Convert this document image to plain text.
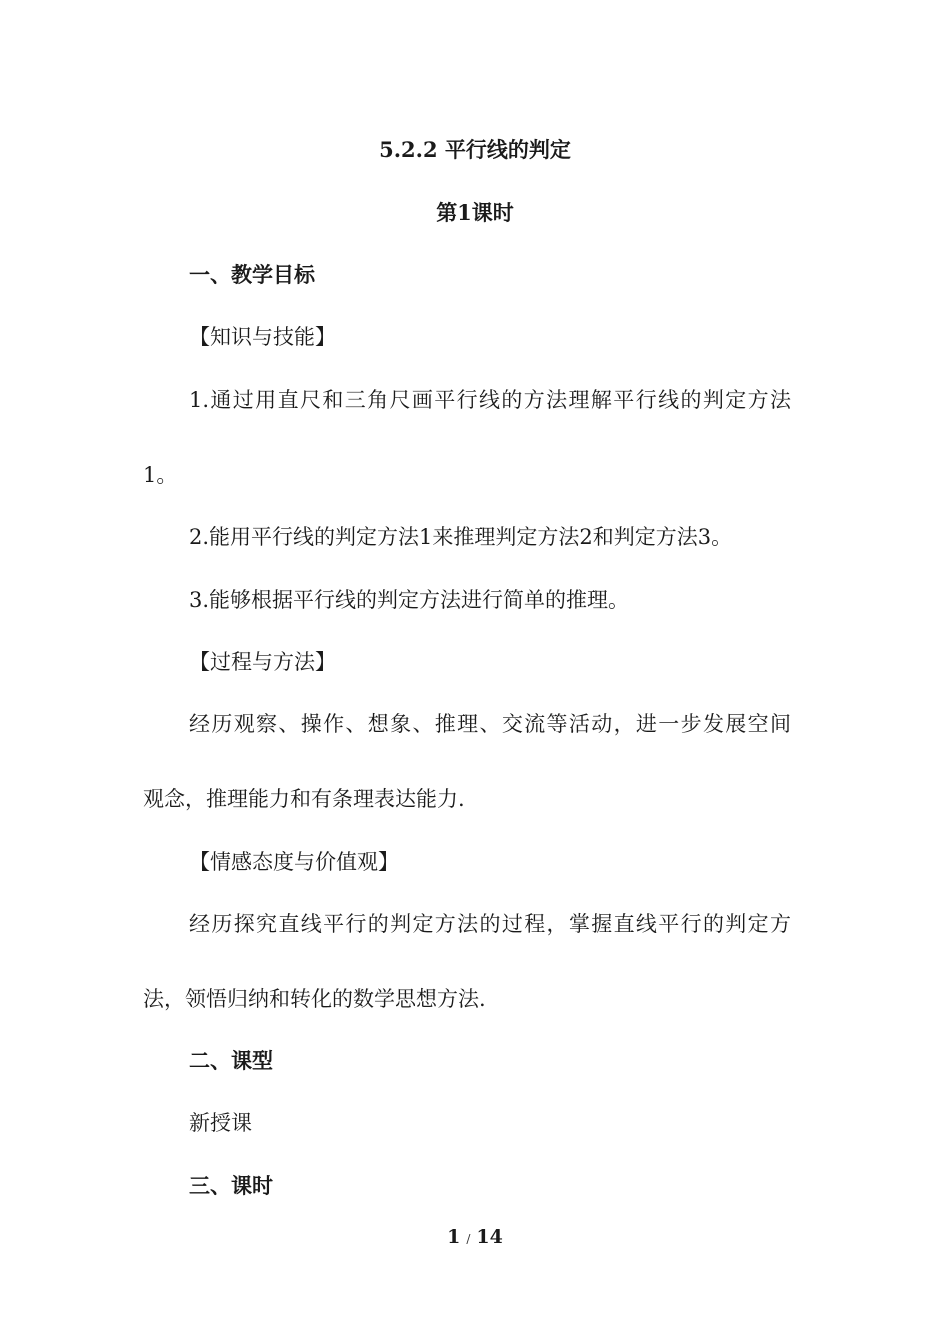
5.2.2 平行线的判定
第1课时
一、教学目标
【知识与技能】
1.通过用直尺和三角尺画平行线的方法理解平行线的判定方法
1。
2.能用平行线的判定方法1来推理判定方法2和判定方法3。
3.能够根据平行线的判定方法进行简单的推理。
【过程与方法】
经历观察、操作、想象、推理、交流等活动，进一步发展空间
观念，推理能力和有条理表达能力.
【情感态度与价值观】
经历探究直线平行的判定方法的过程，掌握直线平行的判定方
法，领悟归纳和转化的数学思想方法.
二、课型
新授课
三、课时
1 / 14
